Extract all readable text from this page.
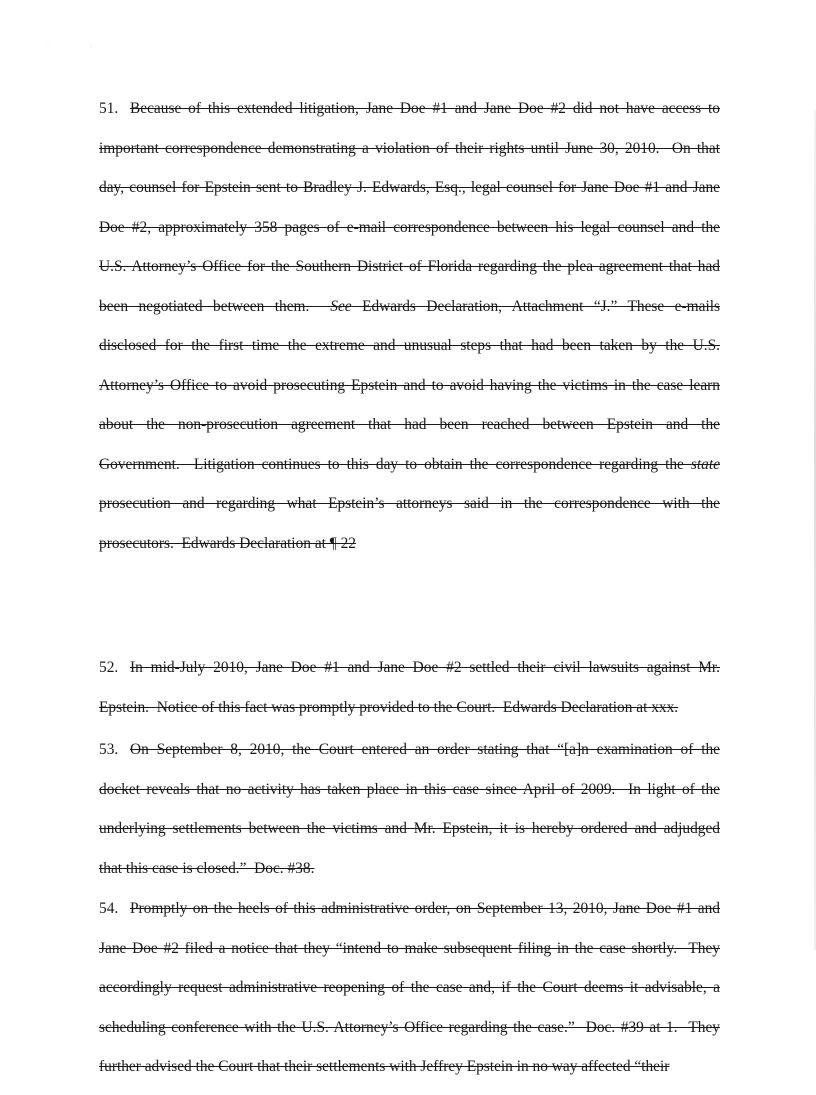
·
·
51. Because of this extended litigation, Jane Doe #1 and Jane Doe #2 did not have access to
important correspondence demonstrating a violation of their rights until June 30, 2010.  On that
day, counsel for Epstein sent to Bradley J. Edwards, Esq., legal counsel for Jane Doe #1 and Jane
Doe #2, approximately 358 pages of e-mail correspondence between his legal counsel and the
U.S. Attorney’s Office for the Southern District of Florida regarding the plea agreement that had
been negotiated between them.  See Edwards Declaration, Attachment “J.” These e-mails
disclosed for the first time the extreme and unusual steps that had been taken by the U.S.
Attorney’s Office to avoid prosecuting Epstein and to avoid having the victims in the case learn
about the non-prosecution agreement that had been reached between Epstein and the
Government.  Litigation continues to this day to obtain the correspondence regarding the state
prosecution and regarding what Epstein’s attorneys said in the correspondence with the
prosecutors.  Edwards Declaration at ¶ 22
52. In mid-July 2010, Jane Doe #1 and Jane Doe #2 settled their civil lawsuits against Mr.
Epstein.  Notice of this fact was promptly provided to the Court.  Edwards Declaration at xxx.
53. On September 8, 2010, the Court entered an order stating that “[a]n examination of the
docket reveals that no activity has taken place in this case since April of 2009.  In light of the
underlying settlements between the victims and Mr. Epstein, it is hereby ordered and adjudged
that this case is closed.”  Doc. #38.
54. Promptly on the heels of this administrative order, on September 13, 2010, Jane Doe #1 and
Jane Doe #2 filed a notice that they “intend to make subsequent filing in the case shortly.  They
accordingly request administrative reopening of the case and, if the Court deems it advisable, a
scheduling conference with the U.S. Attorney’s Office regarding the case.”  Doc. #39 at 1.  They
further advised the Court that their settlements with Jeffrey Epstein in no way affected “their
